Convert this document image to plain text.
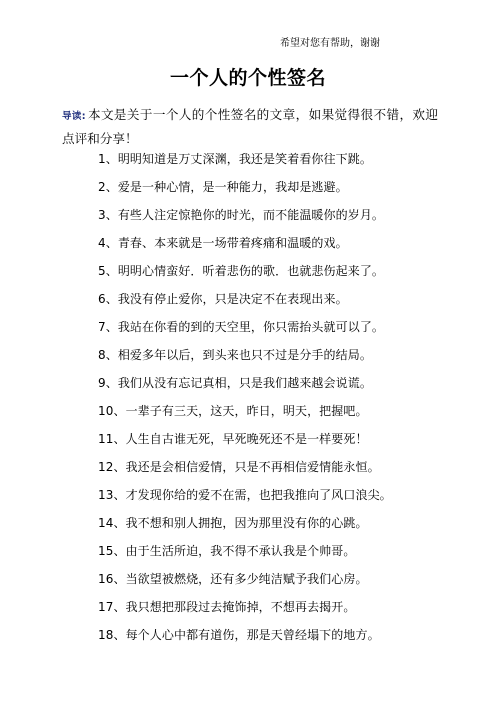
希望对您有帮助，谢谢
一个人的个性签名
导读: 本文是关于一个人的个性签名的文章，如果觉得很不错，欢迎点评和分享！
1、明明知道是万丈深渊，我还是笑着看你往下跳。
2、爱是一种心情，是一种能力，我却是逃避。
3、有些人注定惊艳你的时光，而不能温暖你的岁月。
4、青春、本来就是一场带着疼痛和温暖的戏。
5、明明心情蛮好．听着悲伤的歌．也就悲伤起来了。
6、我没有停止爱你，只是决定不在表现出来。
7、我站在你看的到的天空里，你只需抬头就可以了。
8、相爱多年以后，到头来也只不过是分手的结局。
9、我们从没有忘记真相，只是我们越来越会说谎。
10、一辈子有三天，这天，昨日，明天，把握吧。
11、人生自古谁无死，早死晚死还不是一样要死！
12、我还是会相信爱情，只是不再相信爱情能永恒。
13、才发现你给的爱不在需，也把我推向了风口浪尖。
14、我不想和别人拥抱，因为那里没有你的心跳。
15、由于生活所迫，我不得不承认我是个帅哥。
16、当欲望被燃烧，还有多少纯洁赋予我们心房。
17、我只想把那段过去掩饰掉，不想再去揭开。
18、每个人心中都有道伤，那是天曾经塌下的地方。
